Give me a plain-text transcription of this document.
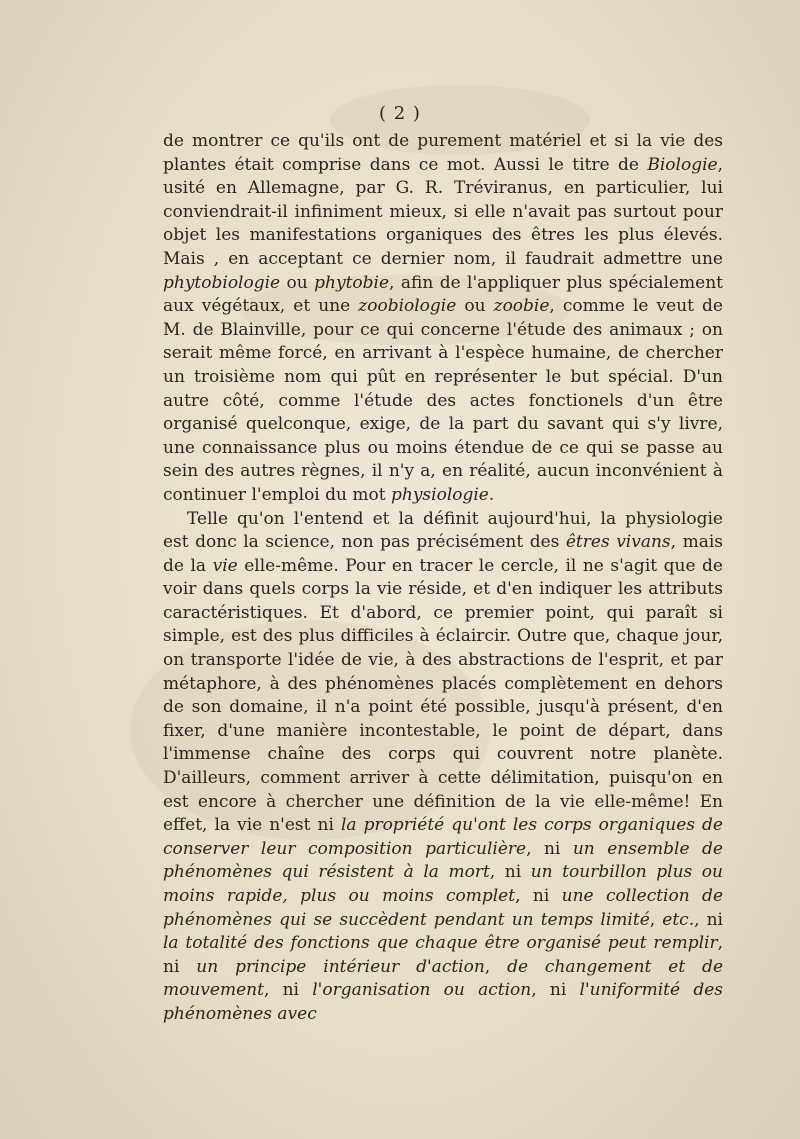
( 2 )

de montrer ce qu'ils ont de purement matériel et si la vie des plantes était comprise dans ce mot. Aussi le titre de Biologie, usité en Allemagne, par G. R. Tréviranus, en particulier, lui conviendrait-il infiniment mieux, si elle n'avait pas surtout pour objet les manifestations organiques des êtres les plus élevés. Mais , en acceptant ce dernier nom, il faudrait admettre une phytobiologie ou phytobie, afin de l'appliquer plus spécialement aux végétaux, et une zoobiologie ou zoobie, comme le veut de M. de Blainville, pour ce qui concerne l'étude des animaux ; on serait même forcé, en arrivant à l'espèce humaine, de chercher un troisième nom qui pût en représenter le but spécial. D'un autre côté, comme l'étude des actes fonctionels d'un être organisé quelconque, exige, de la part du savant qui s'y livre, une connaissance plus ou moins étendue de ce qui se passe au sein des autres règnes, il n'y a, en réalité, aucun inconvénient à continuer l'emploi du mot physiologie.

Telle qu'on l'entend et la définit aujourd'hui, la physiologie est donc la science, non pas précisément des êtres vivans, mais de la vie elle-même. Pour en tracer le cercle, il ne s'agit que de voir dans quels corps la vie réside, et d'en indiquer les attributs caractéristiques. Et d'abord, ce premier point, qui paraît si simple, est des plus difficiles à éclaircir. Outre que, chaque jour, on transporte l'idée de vie, à des abstractions de l'esprit, et par métaphore, à des phénomènes placés complètement en dehors de son domaine, il n'a point été possible, jusqu'à présent, d'en fixer, d'une manière incontestable, le point de départ, dans l'immense chaîne des corps qui couvrent notre planète. D'ailleurs, comment arriver à cette délimitation, puisqu'on en est encore à chercher une définition de la vie elle-même! En effet, la vie n'est ni la propriété qu'ont les corps organiques de conserver leur composition particulière, ni un ensemble de phénomènes qui résistent à la mort, ni un tourbillon plus ou moins rapide, plus ou moins complet, ni une collection de phénomènes qui se succèdent pendant un temps limité, etc., ni la totalité des fonctions que chaque être organisé peut remplir, ni un principe intérieur d'action, de changement et de mouvement, ni l'organisation ou action, ni l'uniformité des phénomènes avec
